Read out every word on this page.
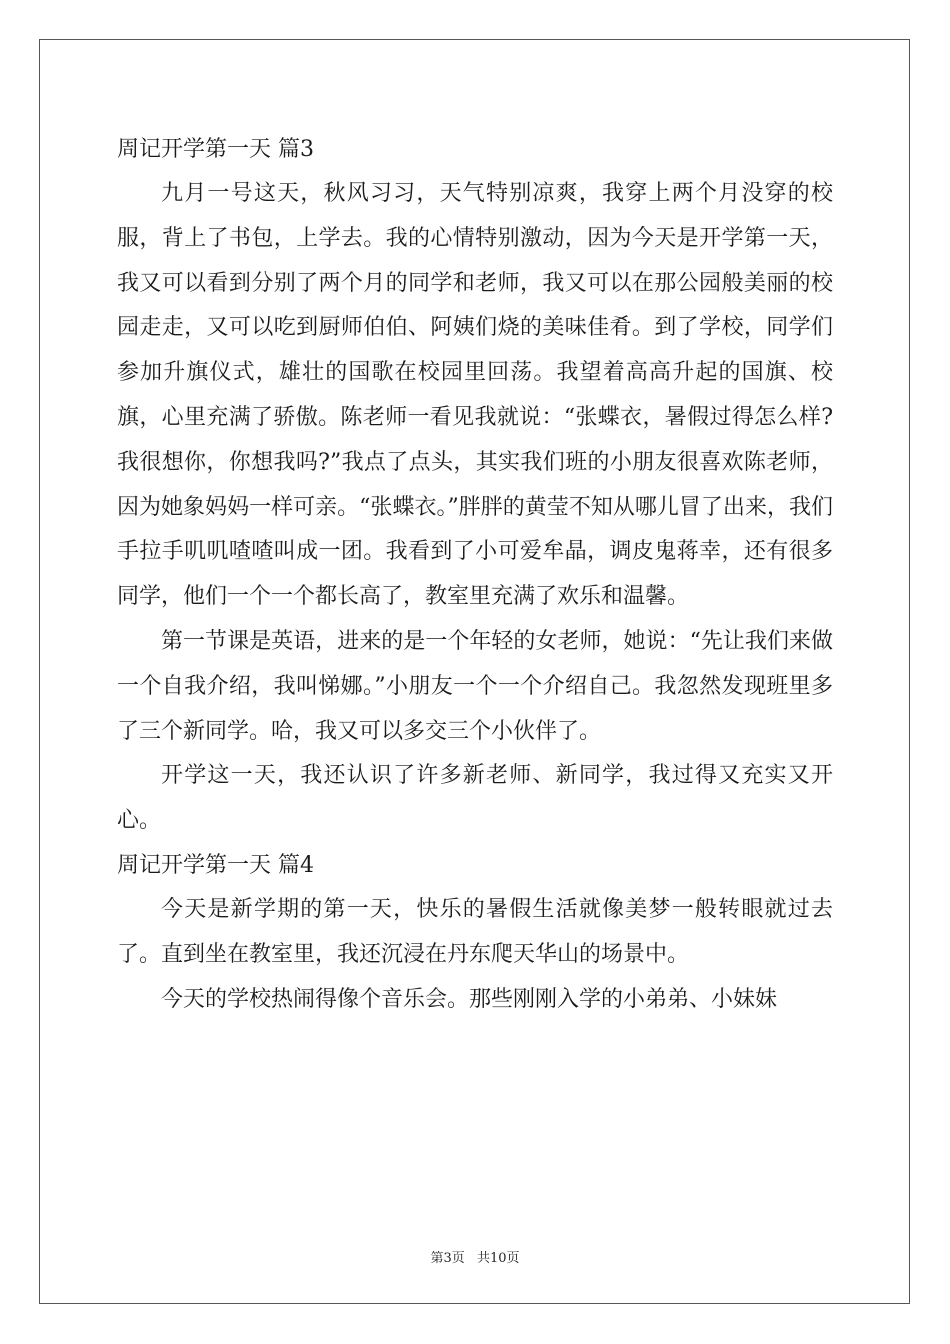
周记开学第一天 篇3

九月一号这天，秋风习习，天气特别凉爽，我穿上两个月没穿的校服，背上了书包，上学去。我的心情特别激动，因为今天是开学第一天，我又可以看到分别了两个月的同学和老师，我又可以在那公园般美丽的校园走走，又可以吃到厨师伯伯、阿姨们烧的美味佳肴。到了学校，同学们参加升旗仪式，雄壮的国歌在校园里回荡。我望着高高升起的国旗、校旗，心里充满了骄傲。陈老师一看见我就说：“张蝶衣，暑假过得怎么样?我很想你，你想我吗?”我点了点头，其实我们班的小朋友很喜欢陈老师，因为她象妈妈一样可亲。“张蝶衣。”胖胖的黄莹不知从哪儿冒了出来，我们手拉手叽叽喳喳叫成一团。我看到了小可爱牟晶，调皮鬼蒋幸，还有很多同学，他们一个一个都长高了，教室里充满了欢乐和温馨。

第一节课是英语，进来的是一个年轻的女老师，她说：“先让我们来做一个自我介绍，我叫悌娜。”小朋友一个一个介绍自己。我忽然发现班里多了三个新同学。哈，我又可以多交三个小伙伴了。

开学这一天，我还认识了许多新老师、新同学，我过得又充实又开心。

周记开学第一天 篇4

今天是新学期的第一天，快乐的暑假生活就像美梦一般转眼就过去了。直到坐在教室里，我还沉浸在丹东爬天华山的场景中。

今天的学校热闹得像个音乐会。那些刚刚入学的小弟弟、小妹妹

第3页 共10页
